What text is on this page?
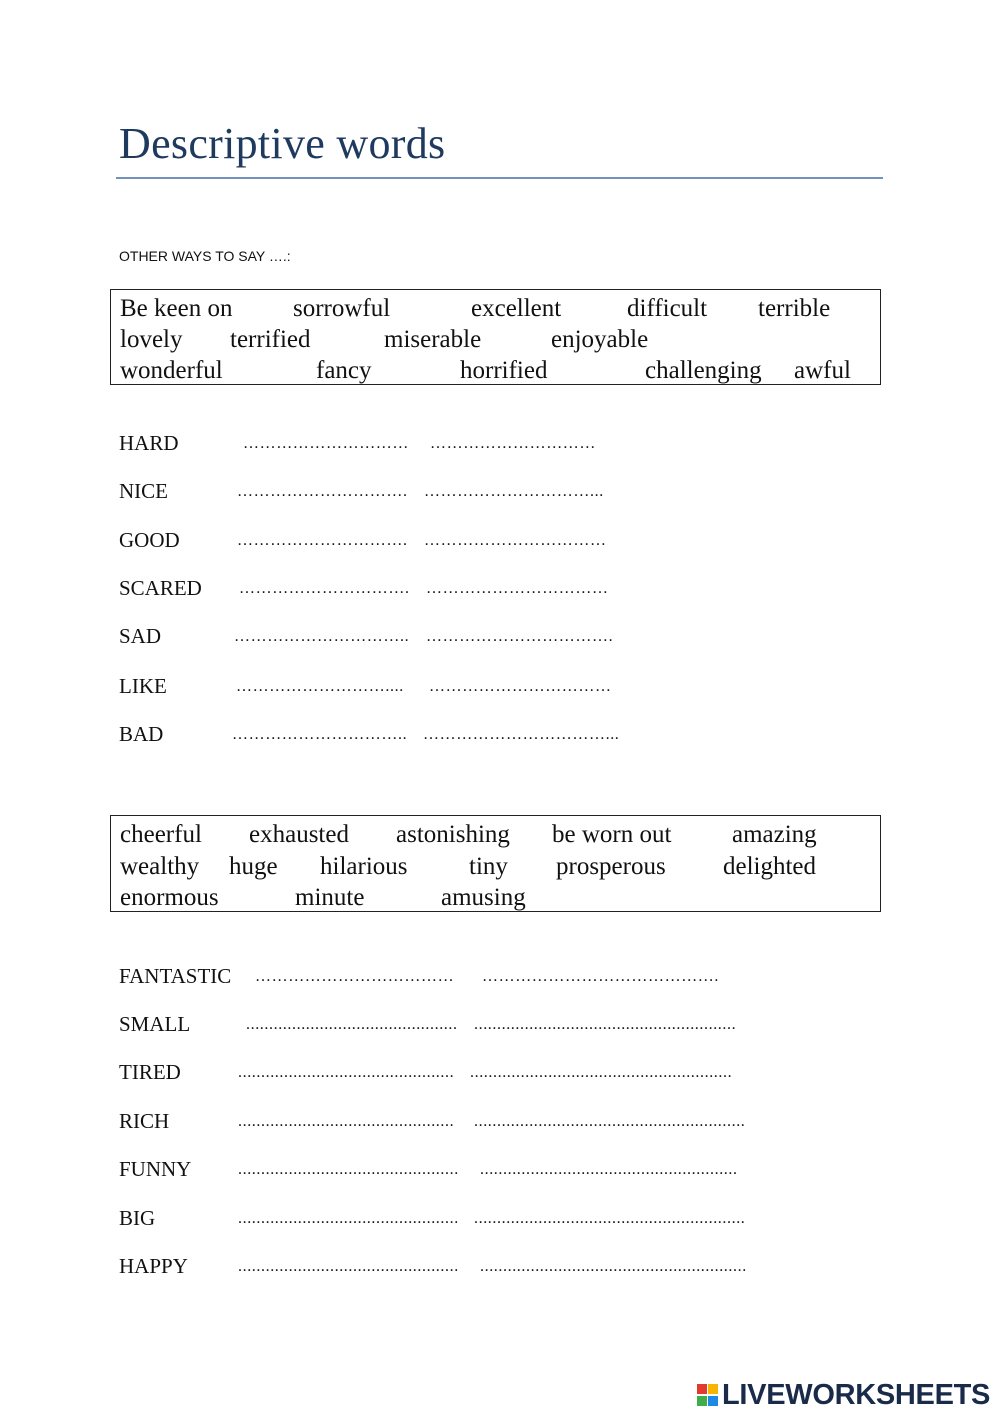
Descriptive words
OTHER WAYS TO SAY ….:
Be keen on sorrowful	excellent	difficult terrible
lovely terrified	miserable	enjoyable
wonderful	fancy	horrified	challenging awful
HARD	…………………………	…………………………
NICE	………………………….	…………………………...
GOOD	………………………….	……………………………
SCARED ………………………….	……………………………
SAD	…………………………..	…………………………….
LIKE	………………………....	……………………………
BAD	………………………….. ……………………………...
cheerful exhausted astonishing be worn out amazing
wealthy huge hilarious tiny prosperous delighted
enormous	minute	amusing
FANTASTIC ………………………………	…………………………………….
SMALL	.............................................. .........................................................
TIRED	............................................... .........................................................
RICH	............................................... ...........................................................
FUNNY	................................................	........................................................
BIG	................................................ ...........................................................
HAPPY	................................................	..........................................................
LIVEWORKSHEETS
